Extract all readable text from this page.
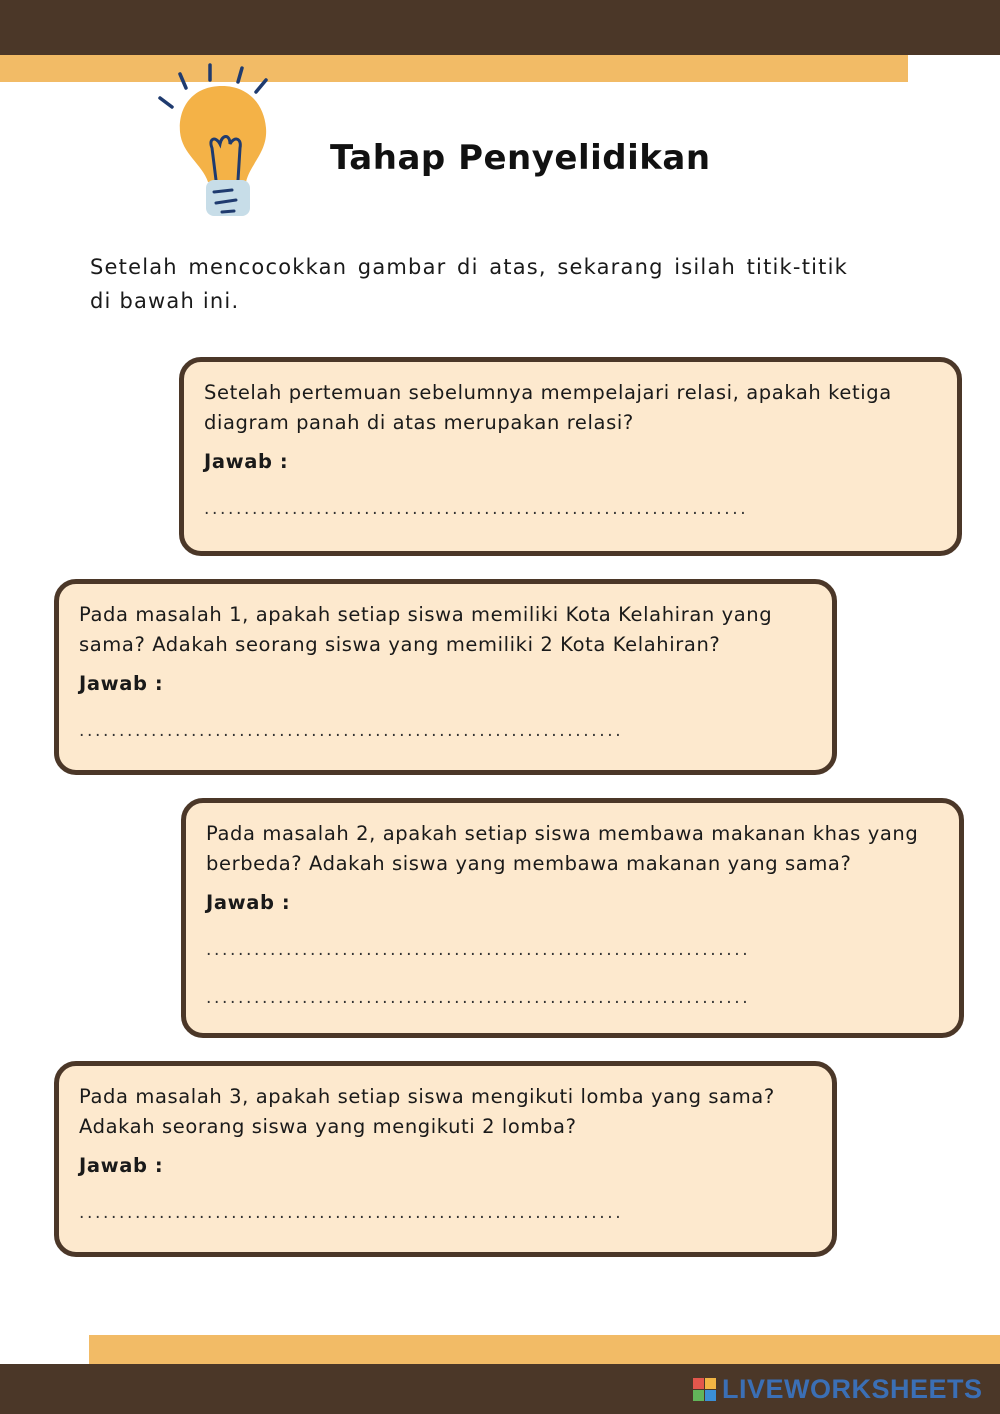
Tahap Penyelidikan

Setelah mencocokkan gambar di atas, sekarang isilah titik-titik di bawah ini.

Setelah pertemuan sebelumnya mempelajari relasi, apakah ketiga diagram panah di atas merupakan relasi?

Jawab :

....................................................................

Pada masalah 1, apakah setiap siswa memiliki Kota Kelahiran yang sama? Adakah seorang siswa yang memiliki 2 Kota Kelahiran?

Jawab :

....................................................................

Pada masalah 2, apakah setiap siswa membawa makanan khas yang berbeda? Adakah siswa yang membawa makanan yang sama?

Jawab :

....................................................................
....................................................................

Pada masalah 3, apakah setiap siswa mengikuti lomba yang sama? Adakah seorang siswa yang mengikuti 2 lomba?

Jawab :

....................................................................
LIVEWORKSHEETS
